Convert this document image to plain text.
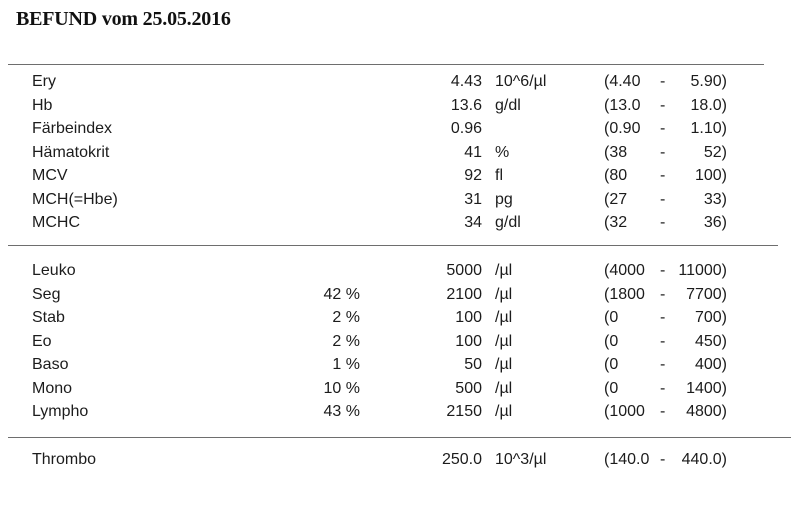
BEFUND vom 25.05.2016
Ery	4.43 10^6/µl	(4.40 - 5.90)
Hb	13.6 g/dl	(13.0 - 18.0)
Färbeindex	0.96	(0.90 - 1.10)
Hämatokrit	41 %	(38 - 52)
MCV	92 fl	(80 - 100)
MCH(=Hbe)	31 pg	(27 - 33)
MCHC	34 g/dl	(32 - 36)
Leuko	5000 /µl	(4000 - 11000)
Seg	42 %	2100 /µl	(1800 - 7700)
Stab	2 %	100 /µl	(0	- 700)
Eo	2 %	100 /µl	(0	- 450)
Baso	1 %	50 /µl	(0	- 400)
Mono	10 %	500 /µl	(0	- 1400)
Lympho	43 %	2150 /µl	(1000 - 4800)
Thrombo	250.0 10^3/µl	(140.0 - 440.0)
